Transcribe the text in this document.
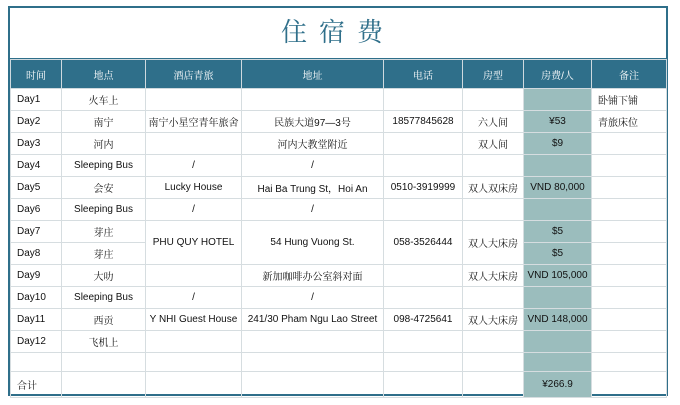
住宿费
时间	地点	酒店青旅	地址	电话	房型	房费/人	备注
Day1	火车上						卧铺下铺
Day2	南宁	南宁小星空青年旅舍	民族大道97—3号	18577845628	六人间	¥53	青旅床位
Day3	河内		河内大教堂附近		双人间	$9	
Day4	Sleeping Bus	/	/				
Day5	会安	Lucky House	Hai Ba Trung St，Hoi An	0510-3919999	双人双床房	VND 80,000	
Day6	Sleeping Bus	/	/				
Day7	芽庄	PHU QUY HOTEL	54 Hung Vuong St.	058-3526444	双人大床房	$5	
Day8	芽庄					$5	
Day9	大叻		新加咖啡办公室斜对面		双人大床房	VND 105,000	
Day10	Sleeping Bus	/	/				
Day11	西贡	Y NHI Guest House	241/30 Pham Ngu Lao Street	098-4725641	双人大床房	VND 148,000	
Day12	飞机上						

合计						¥266.9	
